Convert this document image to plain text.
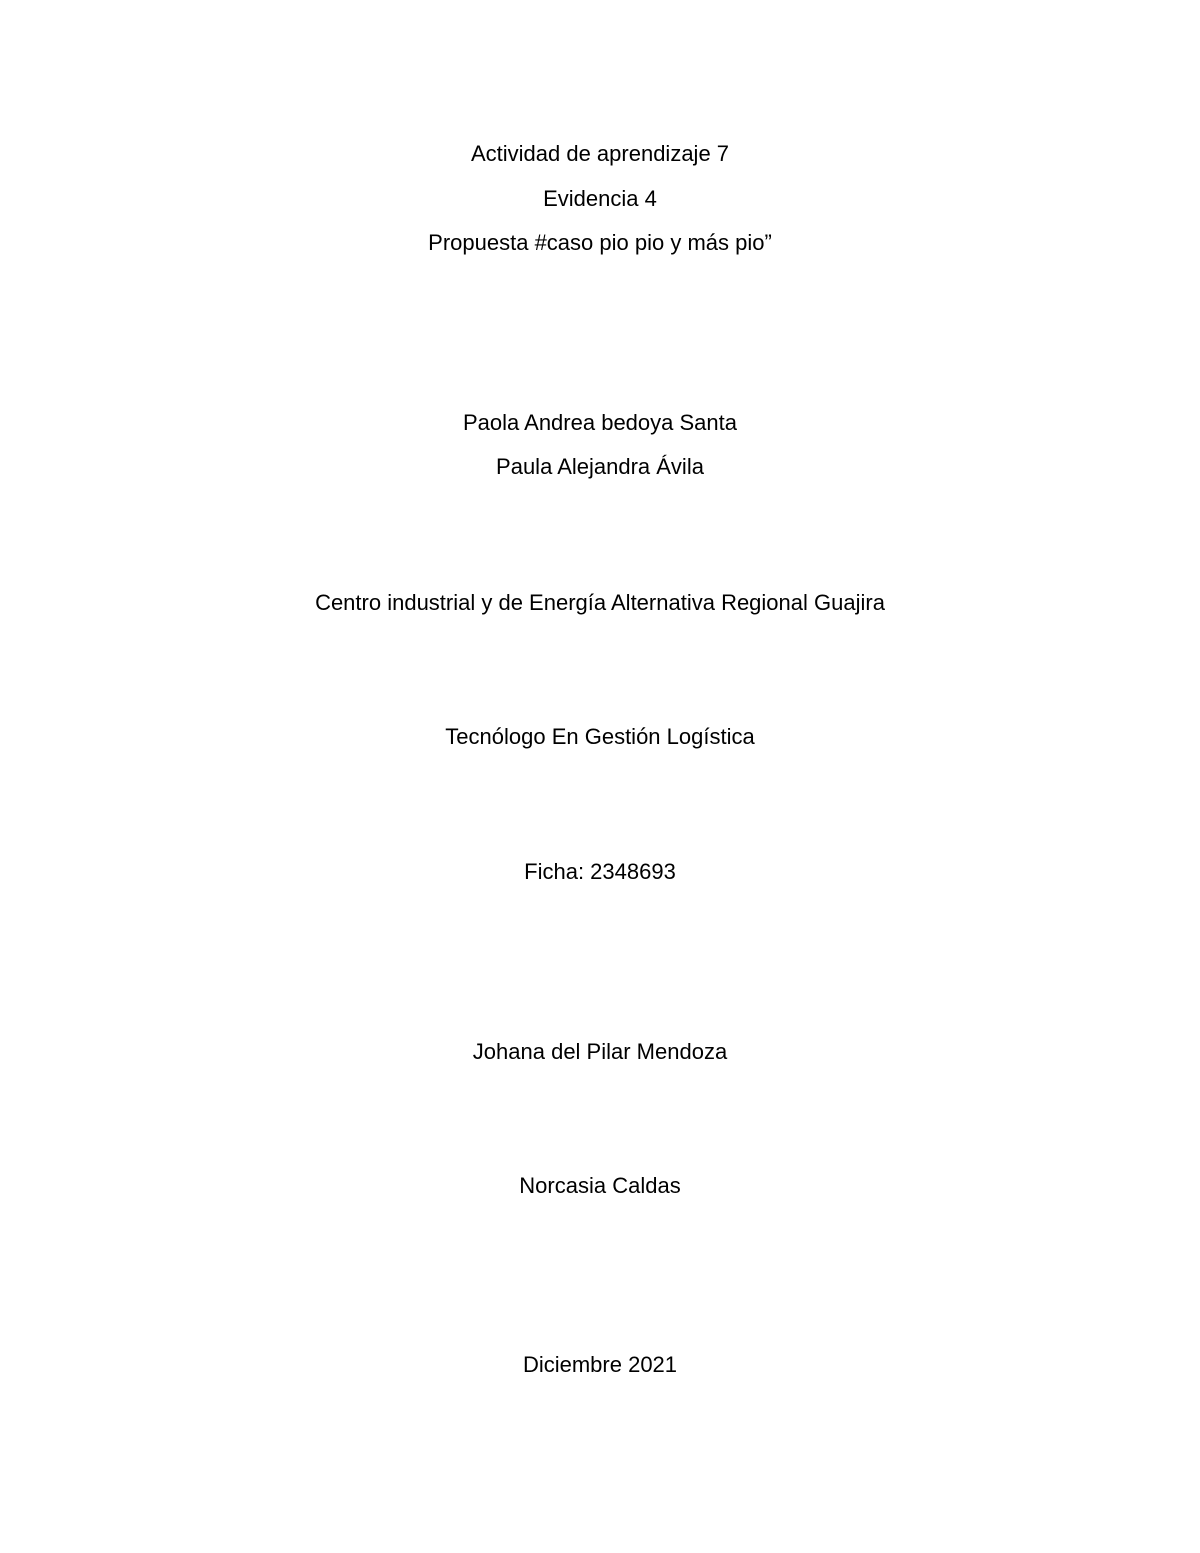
Actividad de aprendizaje 7
Evidencia 4
Propuesta #caso pio pio y más pio”
Paola Andrea bedoya Santa
Paula Alejandra Ávila
Centro industrial y de Energía Alternativa Regional Guajira
Tecnólogo En Gestión Logística
Ficha: 2348693
Johana del Pilar Mendoza
Norcasia Caldas
Diciembre 2021
